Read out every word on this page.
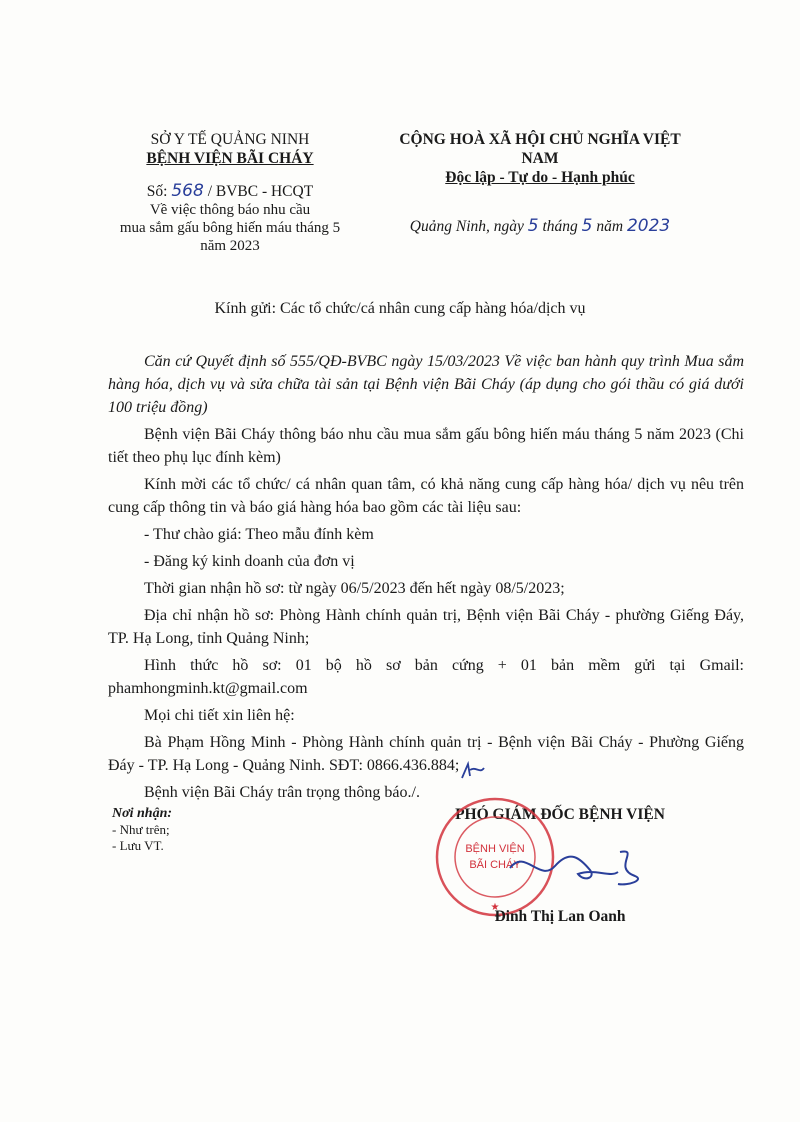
SỞ Y TẾ QUẢNG NINH
BỆNH VIỆN BÃI CHÁY
Số: 568 / BVBC - HCQT
Về việc thông báo nhu cầu
mua sắm gấu bông hiến máu tháng 5
năm 2023
CỘNG HOÀ XÃ HỘI CHỦ NGHĨA VIỆT NAM
Độc lập - Tự do - Hạnh phúc
Quảng Ninh, ngày 5 tháng 5 năm 2023
Kính gửi: Các tổ chức/cá nhân cung cấp hàng hóa/dịch vụ

Căn cứ Quyết định số 555/QĐ-BVBC ngày 15/03/2023 Về việc ban hành quy trình Mua sắm hàng hóa, dịch vụ và sửa chữa tài sản tại Bệnh viện Bãi Cháy (áp dụng cho gói thầu có giá dưới 100 triệu đồng)

Bệnh viện Bãi Cháy thông báo nhu cầu mua sắm gấu bông hiến máu tháng 5 năm 2023 (Chi tiết theo phụ lục đính kèm)

Kính mời các tổ chức/ cá nhân quan tâm, có khả năng cung cấp hàng hóa/ dịch vụ nêu trên cung cấp thông tin và báo giá hàng hóa bao gồm các tài liệu sau:

- Thư chào giá: Theo mẫu đính kèm

- Đăng ký kinh doanh của đơn vị

Thời gian nhận hồ sơ: từ ngày 06/5/2023 đến hết ngày 08/5/2023;

Địa chỉ nhận hồ sơ: Phòng Hành chính quản trị, Bệnh viện Bãi Cháy - phường Giếng Đáy, TP. Hạ Long, tỉnh Quảng Ninh;

Hình thức hồ sơ: 01 bộ hồ sơ bản cứng + 01 bản mềm gửi tại Gmail: phamhongminh.kt@gmail.com

Mọi chi tiết xin liên hệ:

Bà Phạm Hồng Minh - Phòng Hành chính quản trị - Bệnh viện Bãi Cháy - Phường Giếng Đáy - TP. Hạ Long - Quảng Ninh. SĐT: 0866.436.884;

Bệnh viện Bãi Cháy trân trọng thông báo./.

Nơi nhận:
- Như trên;
- Lưu VT.
PHÓ GIÁM ĐỐC BỆNH VIỆN
BỆNH VIỆN
BÃI CHÁY
★
Đinh Thị Lan Oanh
